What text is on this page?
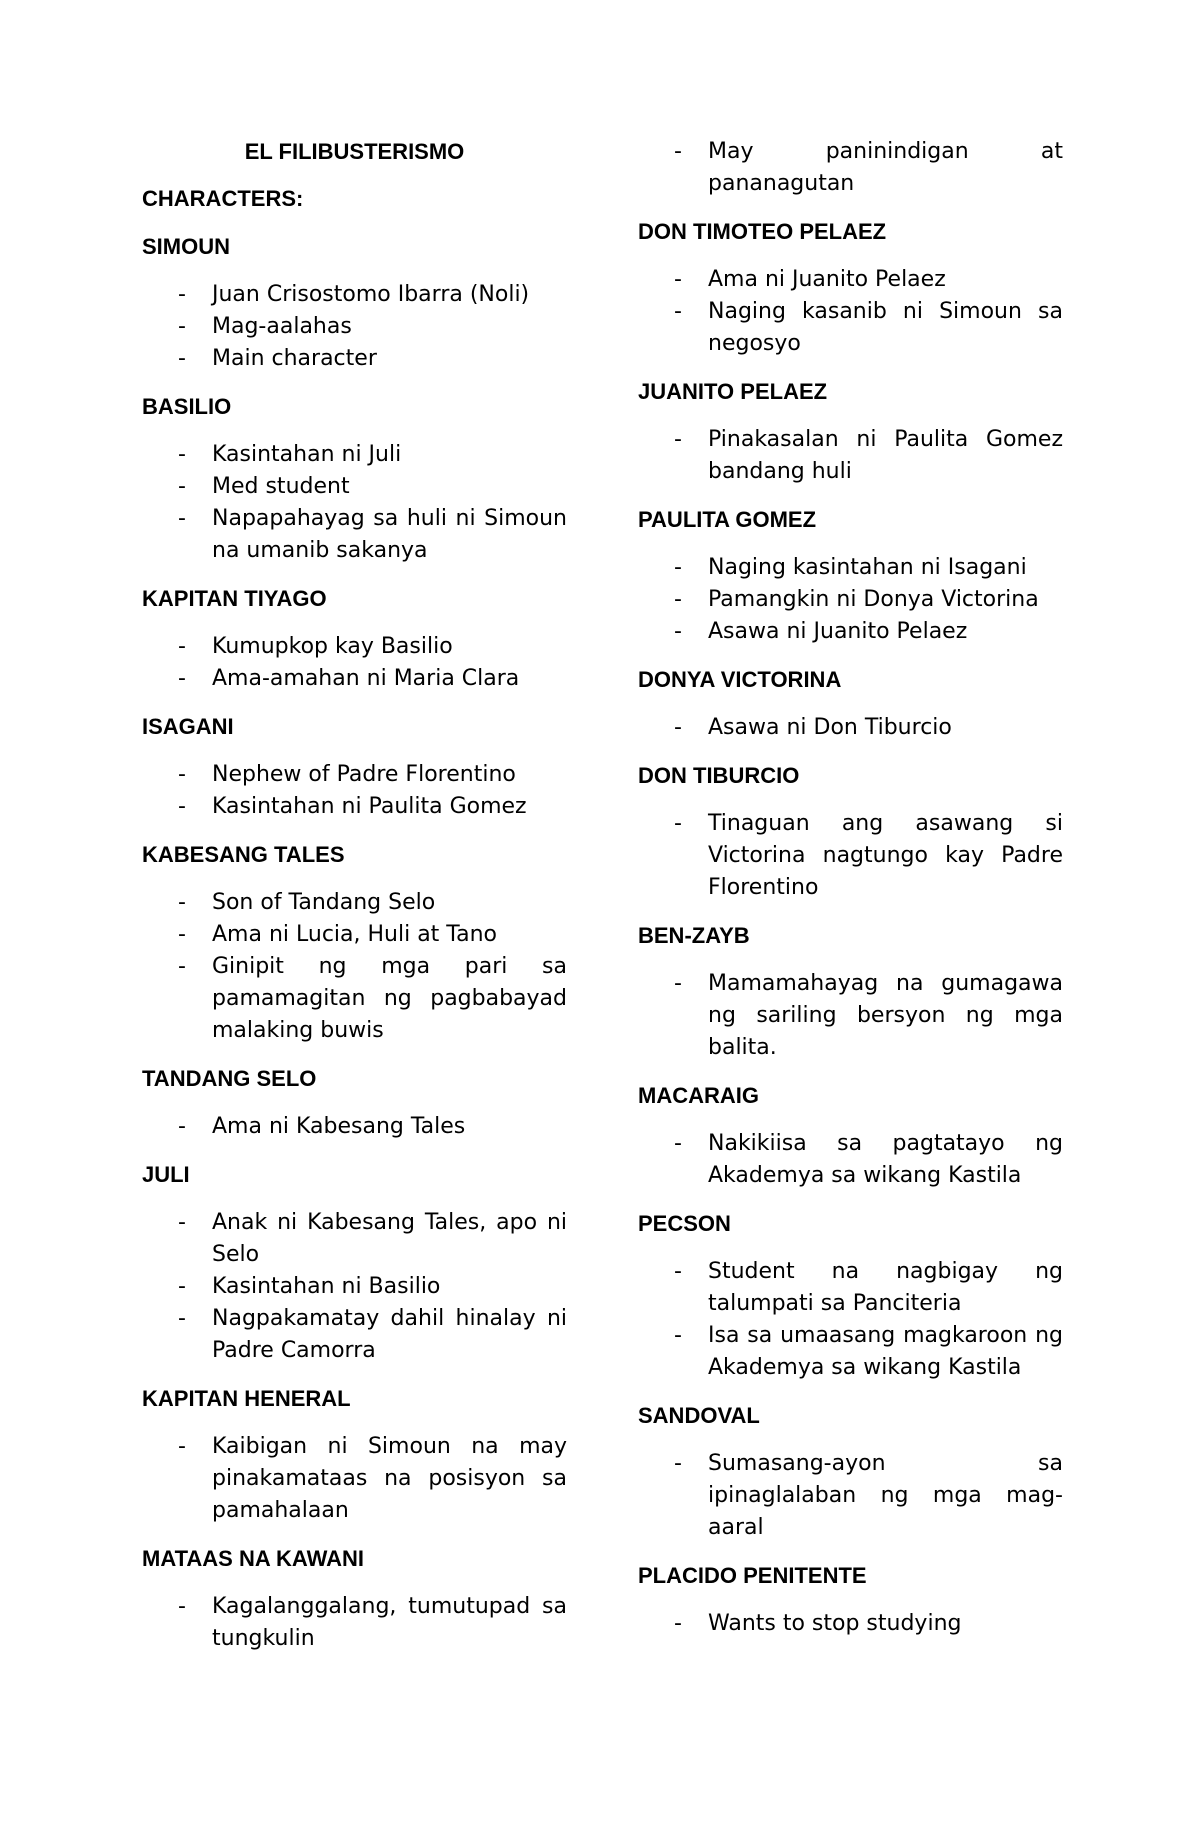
EL FILIBUSTERISMO
CHARACTERS:
SIMOUN
- Juan Crisostomo Ibarra (Noli)
- Mag-aalahas
- Main character
BASILIO
- Kasintahan ni Juli
- Med student
- Napapahayag sa huli ni Simoun na umanib sakanya
KAPITAN TIYAGO
- Kumupkop kay Basilio
- Ama-amahan ni Maria Clara
ISAGANI
- Nephew of Padre Florentino
- Kasintahan ni Paulita Gomez
KABESANG TALES
- Son of Tandang Selo
- Ama ni Lucia, Huli at Tano
- Ginipit ng mga pari sa pamamagitan ng pagbabayad malaking buwis
TANDANG SELO
- Ama ni Kabesang Tales
JULI
- Anak ni Kabesang Tales, apo ni Selo
- Kasintahan ni Basilio
- Nagpakamatay dahil hinalay ni Padre Camorra
KAPITAN HENERAL
- Kaibigan ni Simoun na may pinakamataas na posisyon sa pamahalaan
MATAAS NA KAWANI
- Kagalanggalang, tumutupad sa tungkulin
- May paninindigan at pananagutan
DON TIMOTEO PELAEZ
- Ama ni Juanito Pelaez
- Naging kasanib ni Simoun sa negosyo
JUANITO PELAEZ
- Pinakasalan ni Paulita Gomez bandang huli
PAULITA GOMEZ
- Naging kasintahan ni Isagani
- Pamangkin ni Donya Victorina
- Asawa ni Juanito Pelaez
DONYA VICTORINA
- Asawa ni Don Tiburcio
DON TIBURCIO
- Tinaguan ang asawang si Victorina nagtungo kay Padre Florentino
BEN-ZAYB
- Mamamahayag na gumagawa ng sariling bersyon ng mga balita.
MACARAIG
- Nakikiisa sa pagtatayo ng Akademya sa wikang Kastila
PECSON
- Student na nagbigay ng talumpati sa Panciteria
- Isa sa umaasang magkaroon ng Akademya sa wikang Kastila
SANDOVAL
- Sumasang-ayon sa ipinaglalaban ng mga mag-aaral
PLACIDO PENITENTE
- Wants to stop studying
